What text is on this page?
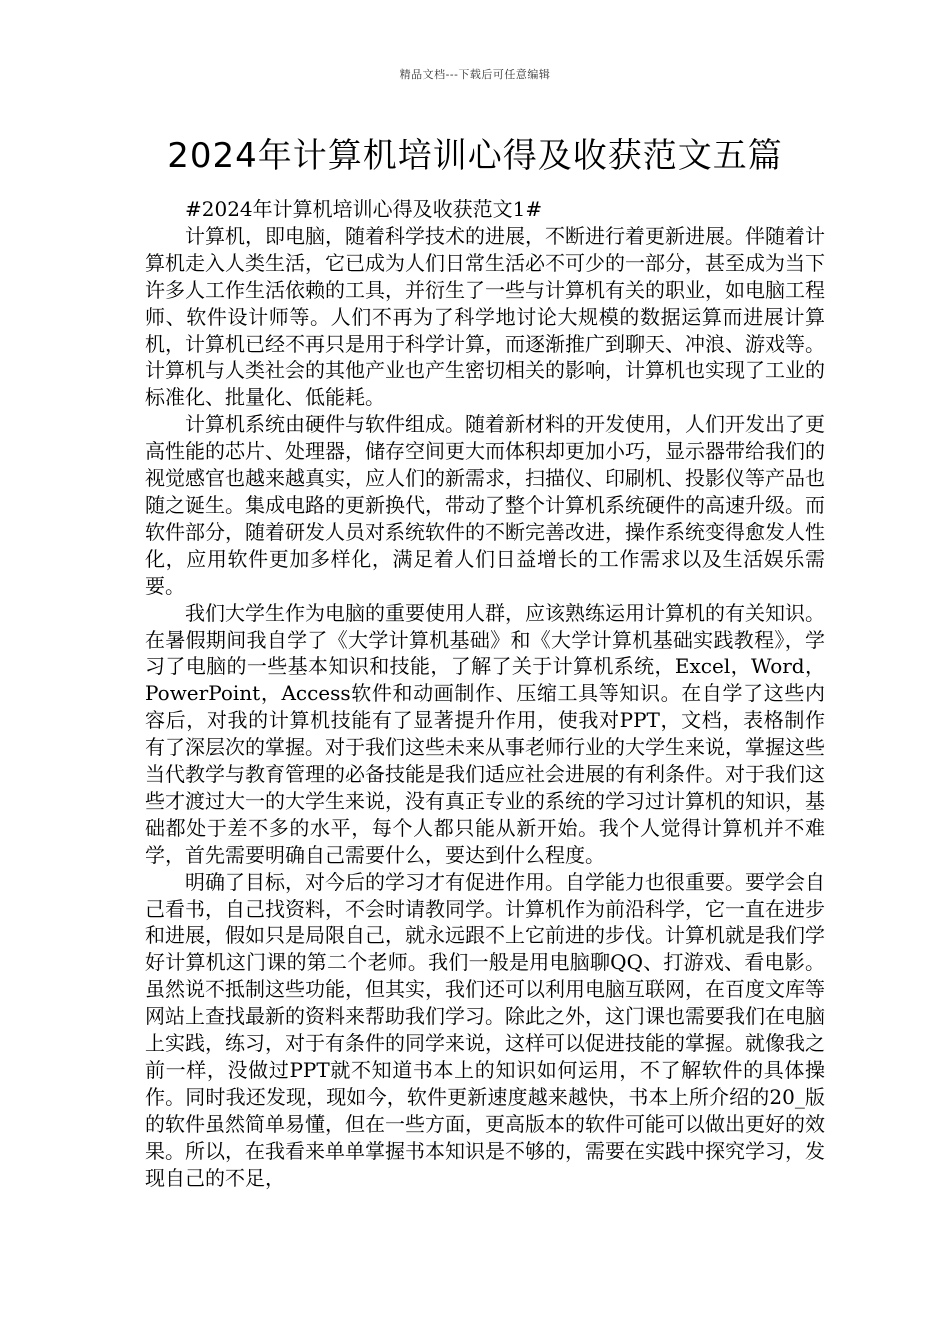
精品文档---下载后可任意编辑
2024年计算机培训心得及收获范文五篇

#2024年计算机培训心得及收获范文1#

计算机，即电脑，随着科学技术的进展，不断进行着更新进展。伴随着计算机走入人类生活，它已成为人们日常生活必不可少的一部分，甚至成为当下许多人工作生活依赖的工具，并衍生了一些与计算机有关的职业，如电脑工程师、软件设计师等。人们不再为了科学地讨论大规模的数据运算而进展计算机，计算机已经不再只是用于科学计算，而逐渐推广到聊天、冲浪、游戏等。计算机与人类社会的其他产业也产生密切相关的影响，计算机也实现了工业的标准化、批量化、低能耗。

计算机系统由硬件与软件组成。随着新材料的开发使用，人们开发出了更高性能的芯片、处理器，储存空间更大而体积却更加小巧，显示器带给我们的视觉感官也越来越真实，应人们的新需求，扫描仪、印刷机、投影仪等产品也随之诞生。集成电路的更新换代，带动了整个计算机系统硬件的高速升级。而软件部分，随着研发人员对系统软件的不断完善改进，操作系统变得愈发人性化，应用软件更加多样化，满足着人们日益增长的工作需求以及生活娱乐需要。

我们大学生作为电脑的重要使用人群，应该熟练运用计算机的有关知识。在暑假期间我自学了《大学计算机基础》和《大学计算机基础实践教程》，学习了电脑的一些基本知识和技能，了解了关于计算机系统，Excel，Word，PowerPoint，Access软件和动画制作、压缩工具等知识。在自学了这些内容后，对我的计算机技能有了显著提升作用，使我对PPT，文档，表格制作有了深层次的掌握。对于我们这些未来从事老师行业的大学生来说，掌握这些当代教学与教育管理的必备技能是我们适应社会进展的有利条件。对于我们这些才渡过大一的大学生来说，没有真正专业的系统的学习过计算机的知识，基础都处于差不多的水平，每个人都只能从新开始。我个人觉得计算机并不难学，首先需要明确自己需要什么，要达到什么程度。

明确了目标，对今后的学习才有促进作用。自学能力也很重要。要学会自己看书，自己找资料，不会时请教同学。计算机作为前沿科学，它一直在进步和进展，假如只是局限自己，就永远跟不上它前进的步伐。计算机就是我们学好计算机这门课的第二个老师。我们一般是用电脑聊QQ、打游戏、看电影。虽然说不抵制这些功能，但其实，我们还可以利用电脑互联网，在百度文库等网站上查找最新的资料来帮助我们学习。除此之外，这门课也需要我们在电脑上实践，练习，对于有条件的同学来说，这样可以促进技能的掌握。就像我之前一样，没做过PPT就不知道书本上的知识如何运用，不了解软件的具体操作。同时我还发现，现如今，软件更新速度越来越快，书本上所介绍的20_版的软件虽然简单易懂，但在一些方面，更高版本的软件可能可以做出更好的效果。所以，在我看来单单掌握书本知识是不够的，需要在实践中探究学习，发现自己的不足，
